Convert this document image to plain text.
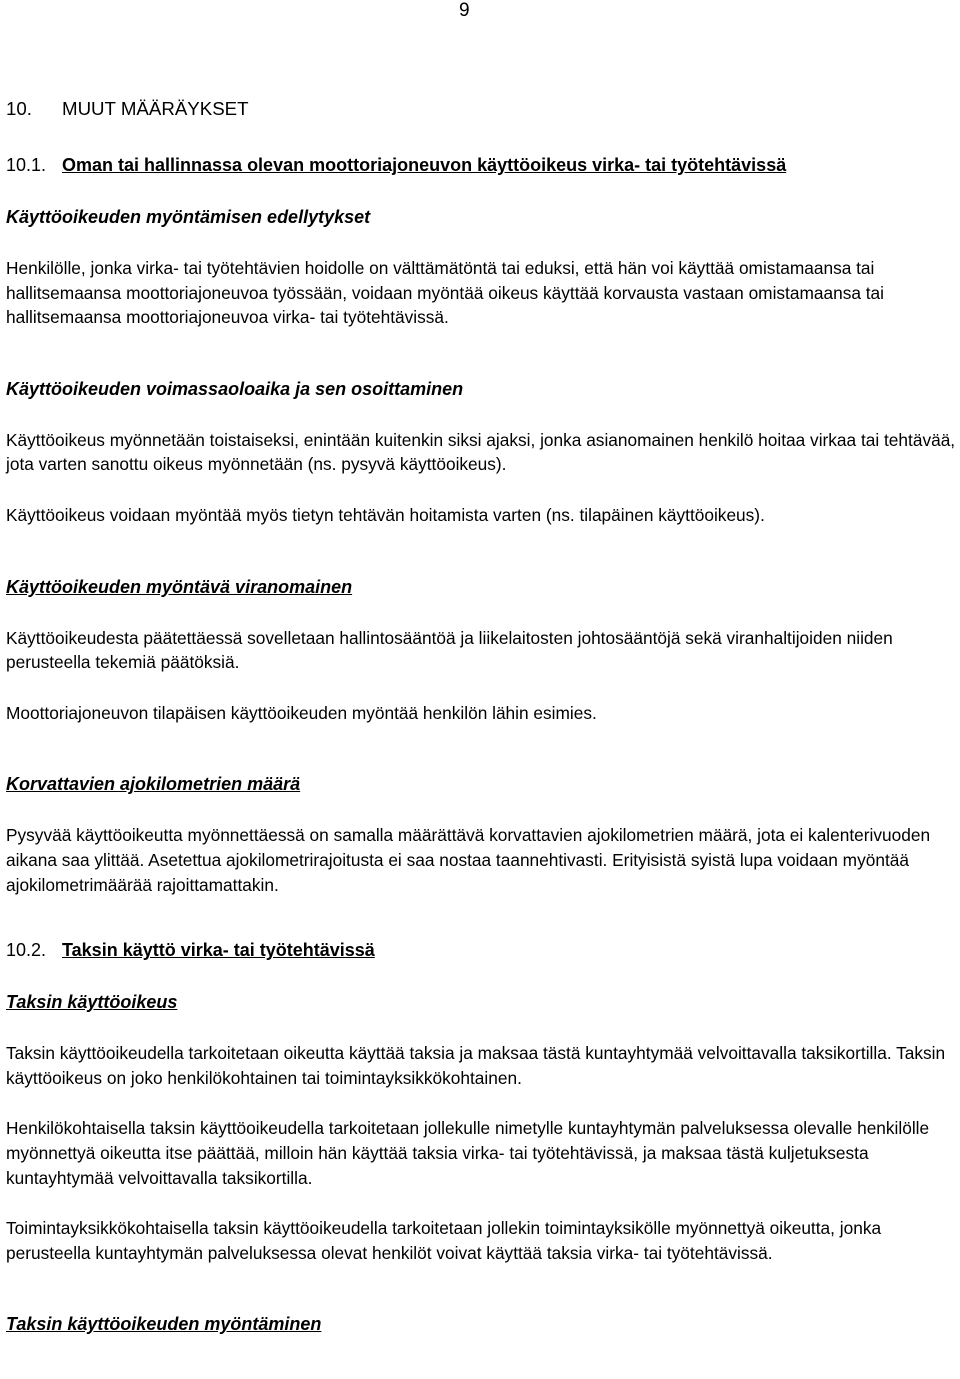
9
10. MUUT MÄÄRÄYKSET
10.1. Oman tai hallinnassa olevan moottoriajoneuvon käyttöoikeus virka- tai työtehtävissä
Käyttöoikeuden myöntämisen edellytykset

Henkilölle, jonka virka- tai työtehtävien hoidolle on välttämätöntä tai eduksi, että hän voi käyttää omistamaansa tai hallitsemaansa moottoriajoneuvoa työssään, voidaan myöntää oikeus käyttää korvausta vastaan omistamaansa tai hallitsemaansa moottoriajoneuvoa virka- tai työtehtävissä.

Käyttöoikeuden voimassaoloaika ja sen osoittaminen

Käyttöoikeus myönnetään toistaiseksi, enintään kuitenkin siksi ajaksi, jonka asianomainen henkilö hoitaa virkaa tai tehtävää, jota varten sanottu oikeus myönnetään (ns. pysyvä käyttöoikeus).

Käyttöoikeus voidaan myöntää myös tietyn tehtävän hoitamista varten (ns. tilapäinen käyttöoikeus).

Käyttöoikeuden myöntävä viranomainen

Käyttöoikeudesta päätettäessä sovelletaan hallintosääntöä ja liikelaitosten johtosääntöjä sekä viranhaltijoiden niiden perusteella tekemiä päätöksiä.

Moottoriajoneuvon tilapäisen käyttöoikeuden myöntää henkilön lähin esimies.

Korvattavien ajokilometrien määrä

Pysyvää käyttöoikeutta myönnettäessä on samalla määrättävä korvattavien ajokilometrien määrä, jota ei kalenterivuoden aikana saa ylittää. Asetettua ajokilometrirajoitusta ei saa nostaa taannehtivasti. Erityisistä syistä lupa voidaan myöntää ajokilometrimäärää rajoittamattakin.

10.2. Taksin käyttö virka- tai työtehtävissä
Taksin käyttöoikeus

Taksin käyttöoikeudella tarkoitetaan oikeutta käyttää taksia ja maksaa tästä kuntayhtymää velvoittavalla taksikortilla. Taksin käyttöoikeus on joko henkilökohtainen tai toimintayksikkökohtainen.

Henkilökohtaisella taksin käyttöoikeudella tarkoitetaan jollekulle nimetylle kuntayhtymän palveluksessa olevalle henkilölle myönnettyä oikeutta itse päättää, milloin hän käyttää taksia virka- tai työtehtävissä, ja maksaa tästä kuljetuksesta kuntayhtymää velvoittavalla taksikortilla.

Toimintayksikkökohtaisella taksin käyttöoikeudella tarkoitetaan jollekin toimintayksikölle myönnettyä oikeutta, jonka perusteella kuntayhtymän palveluksessa olevat henkilöt voivat käyttää taksia virka- tai työtehtävissä.

Taksin käyttöoikeuden myöntäminen
